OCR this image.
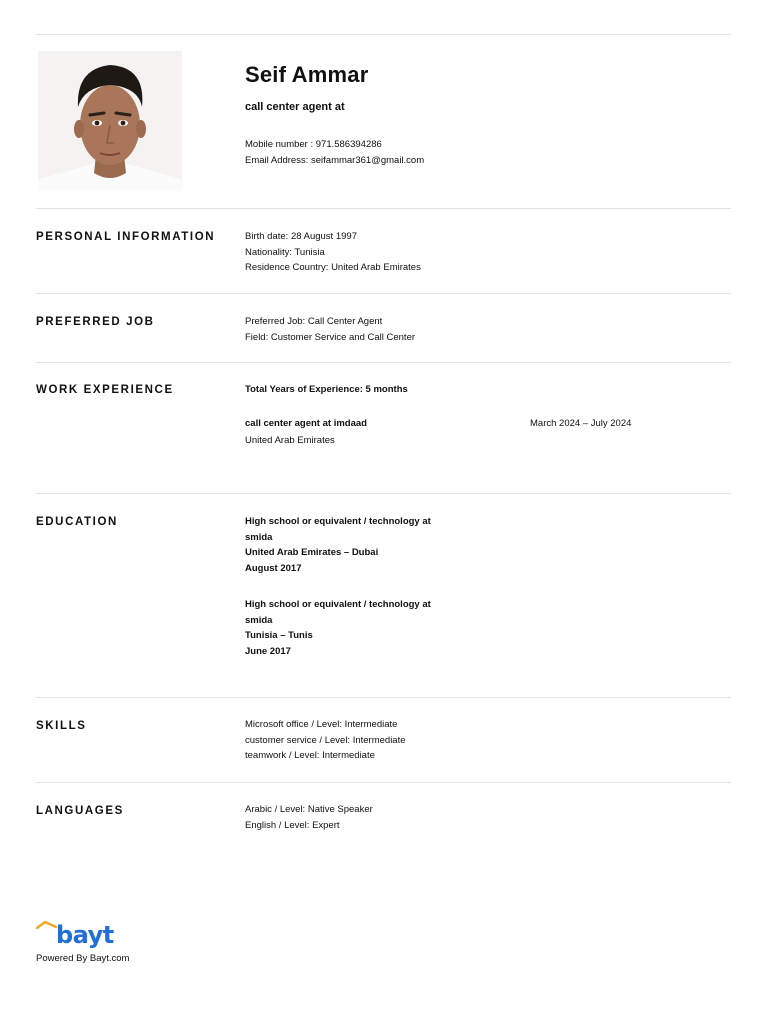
Seif Ammar
call center agent at
Mobile number : 971.586394286
Email Address: seifammar361@gmail.com
PERSONAL INFORMATION	Birth date: 28 August 1997
Nationality: Tunisia
Residence Country: United Arab Emirates
PREFERRED JOB	Preferred Job: Call Center Agent
Field: Customer Service and Call Center
WORK EXPERIENCE	Total Years of Experience: 5 months
call center agent at imdaad
United Arab Emirates
March 2024 – July 2024
EDUCATION	High school or equivalent / technology at
smida
United Arab Emirates – Dubai
August 2017
High school or equivalent / technology at
smida
Tunisia – Tunis
June 2017
SKILLS	Microsoft office / Level: Intermediate
customer service / Level: Intermediate
teamwork / Level: Intermediate
LANGUAGES	Arabic / Level: Native Speaker
English / Level: Expert
bayt
Powered By Bayt.com
